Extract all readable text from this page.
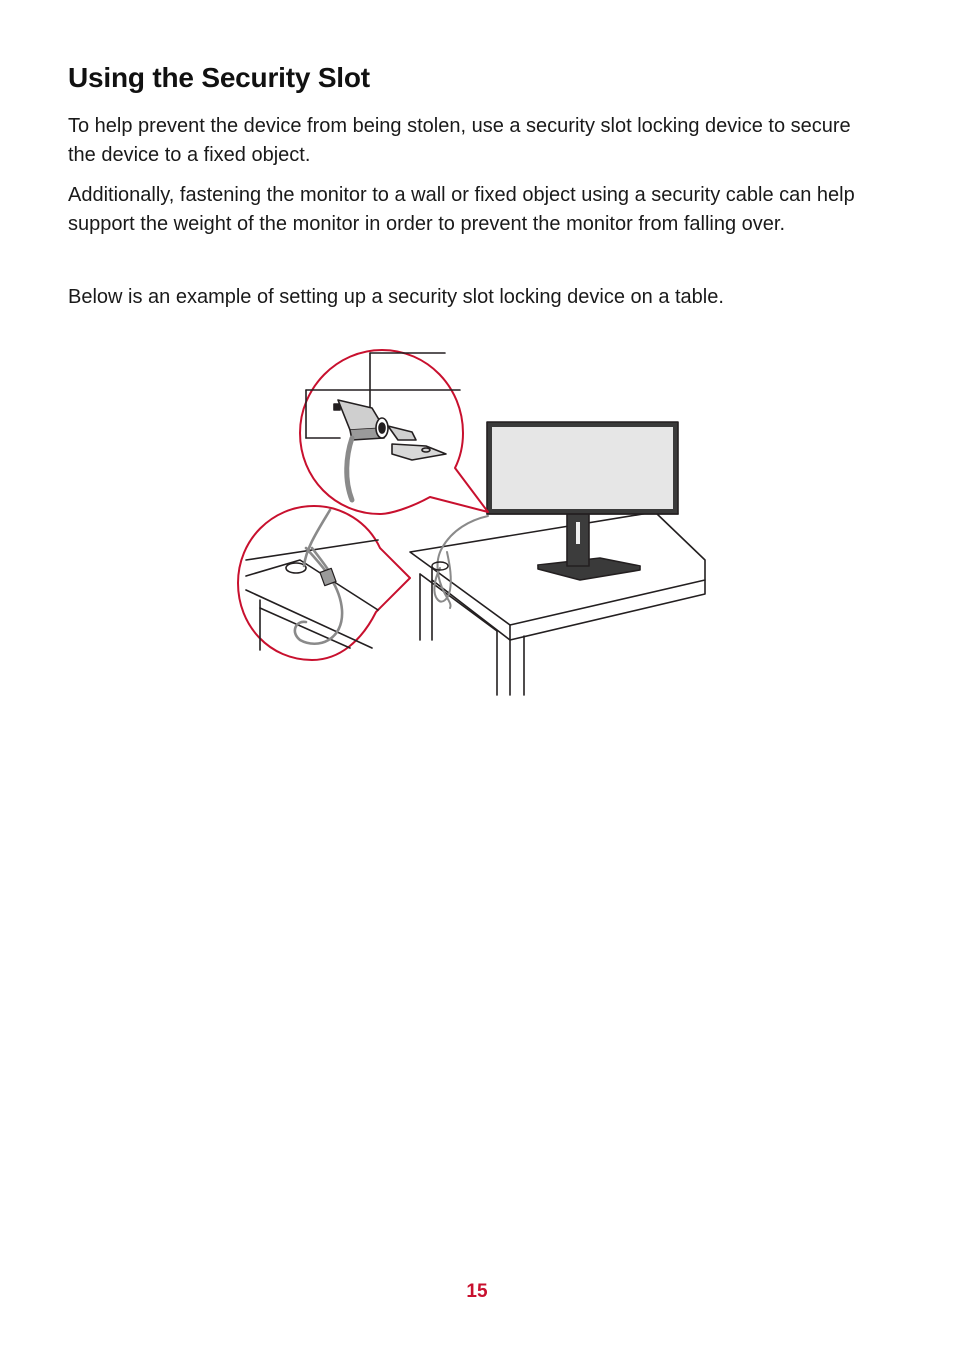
Using the Security Slot

To help prevent the device from being stolen, use a security slot locking device to secure the device to a fixed object.

Additionally, fastening the monitor to a wall or fixed object using a security cable can help support the weight of the monitor in order to prevent the monitor from falling over.

Below is an example of setting up a security slot locking device on a table.

15
